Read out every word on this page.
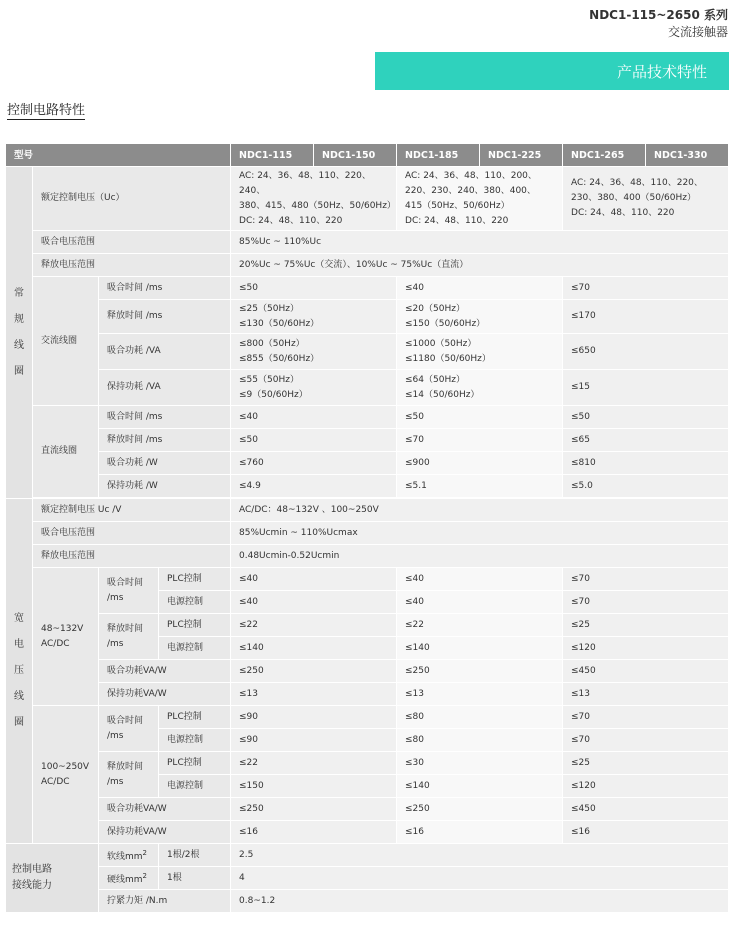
NDC1-115~2650 系列
交流接触器
产品技术特性
控制电路特性
型号				NDC1-115	NDC1-150	NDC1-185	NDC1-225	NDC1-265	NDC1-330
常
规
线
圈	额定控制电压（Uc）			AC: 24、36、48、110、220、240、
380、415、480（50Hz、50/60Hz）
DC: 24、48、110、220		AC: 24、36、48、110、200、
220、230、240、380、400、
415（50Hz、50/60Hz）
DC: 24、48、110、220		AC: 24、36、48、110、220、
230、380、400（50/60Hz）
DC: 24、48、110、220	
	吸合电压范围			85%Uc ~ 110%Uc					
	释放电压范围			20%Uc ~ 75%Uc（交流）、10%Uc ~ 75%Uc（直流）					
	交流线圈	吸合时间 /ms		≤50		≤40		≤70	
		释放时间 /ms		≤25（50Hz）
≤130（50/60Hz）		≤20（50Hz）
≤150（50/60Hz）		≤170	
		吸合功耗 /VA		≤800（50Hz）
≤855（50/60Hz）		≤1000（50Hz）
≤1180（50/60Hz）		≤650	
		保持功耗 /VA		≤55（50Hz）
≤9（50/60Hz）		≤64（50Hz）
≤14（50/60Hz）		≤15	
	直流线圈	吸合时间 /ms		≤40		≤50		≤50	
		释放时间 /ms		≤50		≤70		≤65	
		吸合功耗 /W		≤760		≤900		≤810	
		保持功耗 /W		≤4.9		≤5.1		≤5.0	

宽
电
压
线
圈	额定控制电压 Uc /V			AC/DC：48~132V 、100~250V					
	吸合电压范围			85%Ucmin ~ 110%Ucmax					
	释放电压范围			0.48Ucmin-0.52Ucmin					
	48~132V
AC/DC	吸合时间
/ms	PLC控制	≤40		≤40		≤70	
			电源控制	≤40		≤40		≤70	
		释放时间
/ms	PLC控制	≤22		≤22		≤25	
			电源控制	≤140		≤140		≤120	
		吸合功耗VA/W		≤250		≤250		≤450	
		保持功耗VA/W		≤13		≤13		≤13	
	100~250V
AC/DC	吸合时间
/ms	PLC控制	≤90		≤80		≤70	
			电源控制	≤90		≤80		≤70	
		释放时间
/ms	PLC控制	≤22		≤30		≤25	
			电源控制	≤150		≤140		≤120	
		吸合功耗VA/W		≤250		≤250		≤450	
		保持功耗VA/W		≤16		≤16		≤16	
控制电路
接线能力		软线$mm^2$	1根/2根	2.5					
		硬线$mm^2$	1根	4					
		拧紧力矩 /N.m		0.8~1.2					
